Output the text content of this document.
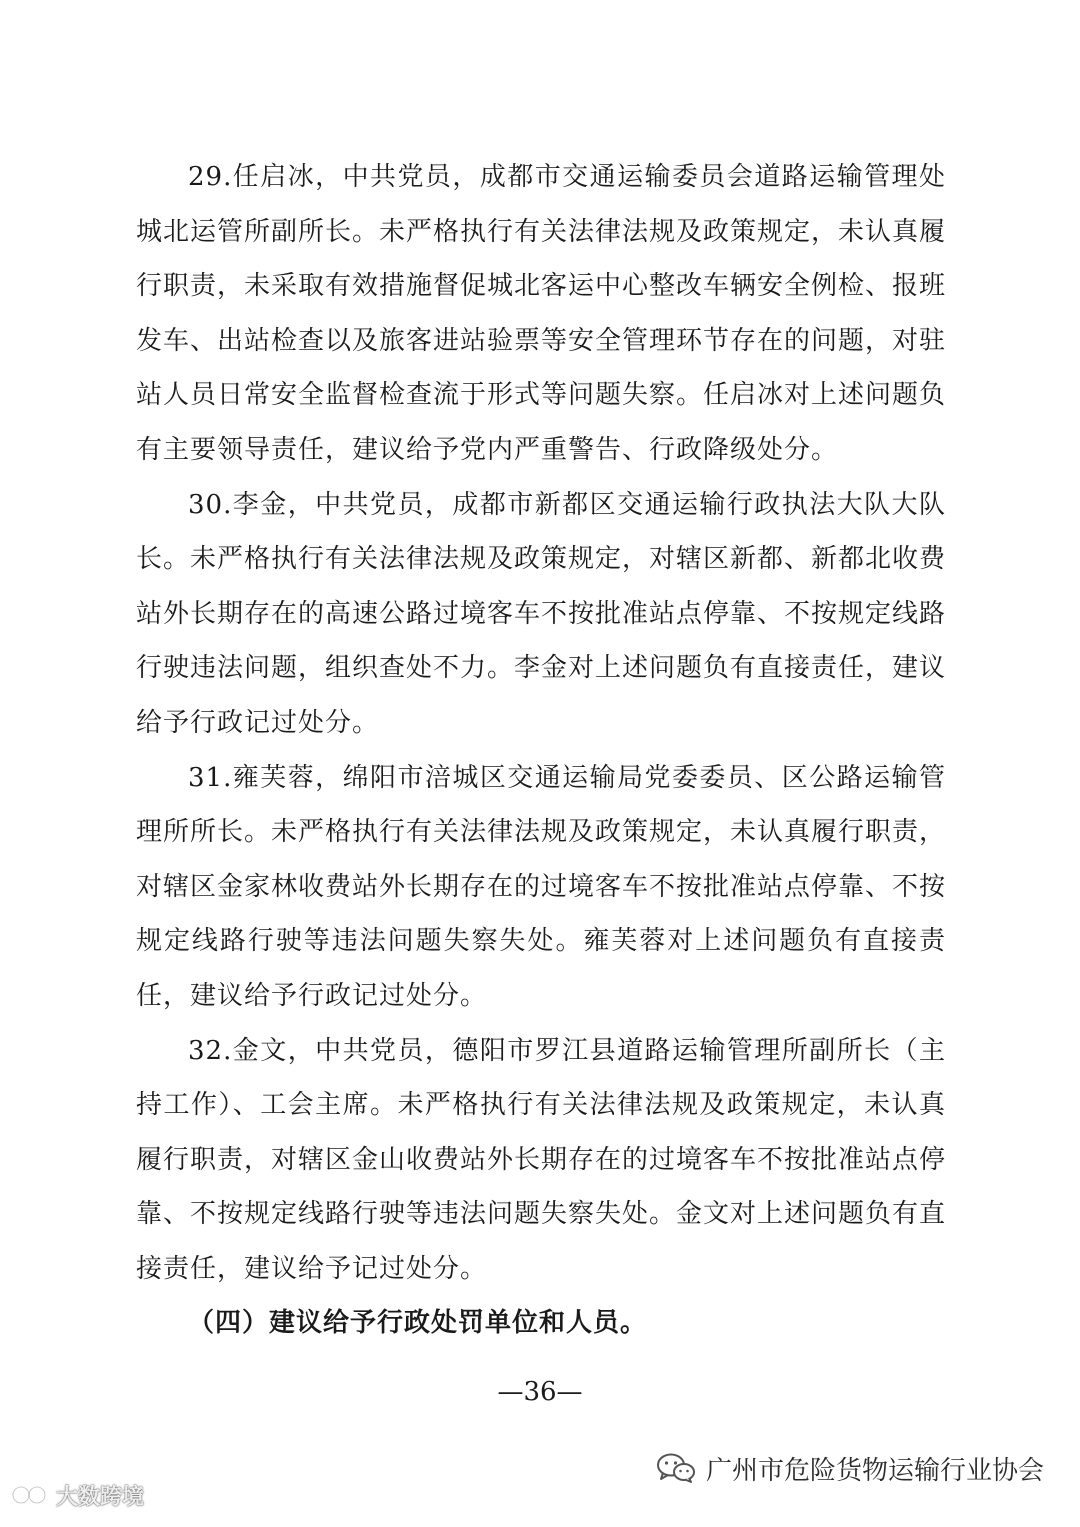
29.任启冰，中共党员，成都市交通运输委员会道路运输管理处城北运管所副所长。未严格执行有关法律法规及政策规定，未认真履行职责，未采取有效措施督促城北客运中心整改车辆安全例检、报班发车、出站检查以及旅客进站验票等安全管理环节存在的问题，对驻站人员日常安全监督检查流于形式等问题失察。任启冰对上述问题负有主要领导责任，建议给予党内严重警告、行政降级处分。

30.李金，中共党员，成都市新都区交通运输行政执法大队大队长。未严格执行有关法律法规及政策规定，对辖区新都、新都北收费站外长期存在的高速公路过境客车不按批准站点停靠、不按规定线路行驶违法问题，组织查处不力。李金对上述问题负有直接责任，建议给予行政记过处分。

31.雍芙蓉，绵阳市涪城区交通运输局党委委员、区公路运输管理所所长。未严格执行有关法律法规及政策规定，未认真履行职责，对辖区金家林收费站外长期存在的过境客车不按批准站点停靠、不按规定线路行驶等违法问题失察失处。雍芙蓉对上述问题负有直接责任，建议给予行政记过处分。

32.金文，中共党员，德阳市罗江县道路运输管理所副所长（主持工作）、工会主席。未严格执行有关法律法规及政策规定，未认真履行职责，对辖区金山收费站外长期存在的过境客车不按批准站点停靠、不按规定线路行驶等违法问题失察失处。金文对上述问题负有直接责任，建议给予记过处分。

（四）建议给予行政处罚单位和人员。

—36—
广州市危险货物运输行业协会
大数跨境
